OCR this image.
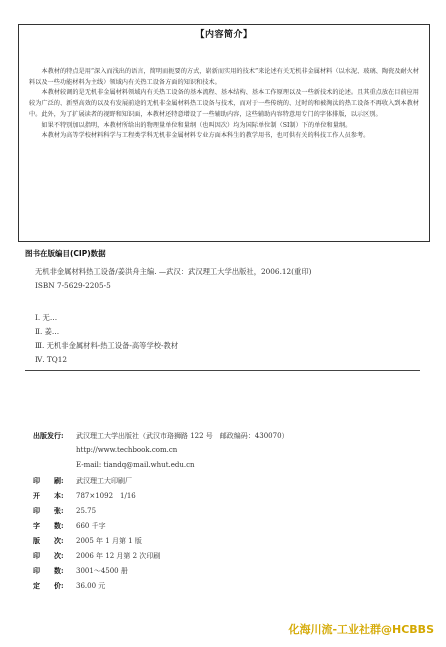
【内容简介】

本教材的特点是用“深入而浅出的语言，简明而扼要的方式，崭新而实用的技术”来论述有关无机非金属材料（以水泥、玻璃、陶瓷及耐火材料以及一些功能材料为主线）领域内有关热工设备方面的知识和技术。

本教材较调的是无机非金属材料领域内有关热工设备的基本流程、基本结构、基本工作原理以及一些新技术的论述。且其重点放在目前应用较为广泛的、新型高效的以及有发展前途的无机非金属材料热工设备与技术，而对于一些传统的、过时的和被淘汰的热工设备不再收入到本教材中。此外，为了扩展读者的视野和知识面，本教材还特意增设了一些辅助内容，这些辅助内容特意用专门的字体排版，以示区别。

如果不特别加以指明，本教材所给出的物理量单位和量纲（也叫因次）均为国际单位制（SI制）下的单位和量纲。

本教材为高等学校材料科学与工程类学科无机非金属材料专业方面本科生的教学用书，也可供有关的科技工作人员参考。

图书在版编目(CIP)数据
无机非金属材料热工设备/姜洪舟主编. —武汉：武汉理工大学出版社，2006.12(重印)
ISBN 7-5629-2205-5
Ⅰ. 无…
Ⅱ. 姜…
Ⅲ. 无机非金属材料-热工设备-高等学校-教材
Ⅳ. TQ12
出版发行: 武汉理工大学出版社（武汉市珞狮路 122 号　邮政编码：430070）
http://www.techbook.com.cn
E-mail: tiandq@mail.whut.edu.cn
印　　刷: 武汉理工大印刷厂
开　　本: 787×1092　1/16
印　　张: 25.75
字　　数: 660 千字
版　　次: 2005 年 1 月第 1 版
印　　次: 2006 年 12 月第 2 次印刷
印　　数: 3001～4500 册
定　　价: 36.00 元
化海川流-工业社群@HCBBS
